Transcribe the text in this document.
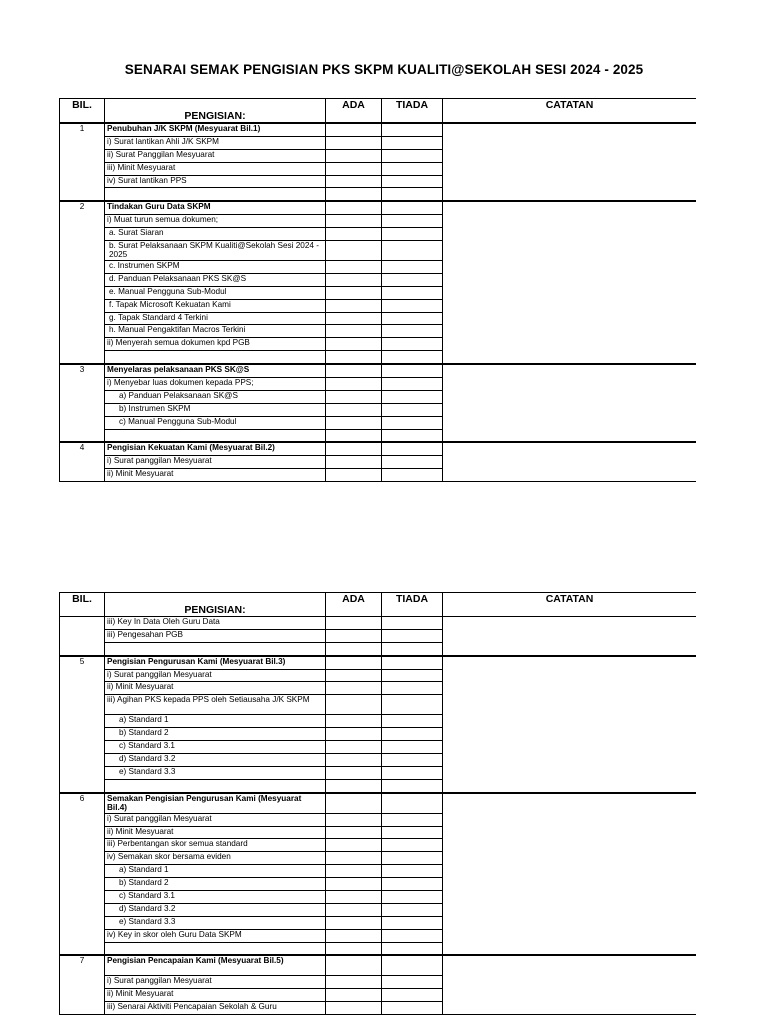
SENARAI SEMAK PENGISIAN PKS SKPM KUALITI@SEKOLAH SESI 2024 - 2025
BIL.	PENGISIAN:	ADA	TIADA	CATATAN
1	Penubuhan J/K SKPM (Mesyuarat Bil.1)			
	i) Surat lantikan Ahli J/K SKPM			
	ii) Surat Panggilan Mesyuarat			
	iii) Minit Mesyuarat			
	iv) Surat lantikan PPS			

2	Tindakan Guru Data SKPM			
	i) Muat turun semua dokumen;			
	a. Surat Siaran			
	b. Surat Pelaksanaan SKPM Kualiti@Sekolah Sesi 2024 - 2025			
	c. Instrumen SKPM			
	d. Panduan Pelaksanaan PKS SK@S			
	e. Manual Pengguna Sub-Modul			
	f. Tapak Microsoft Kekuatan Kami			
	g. Tapak Standard 4 Terkini			
	h. Manual Pengaktifan Macros Terkini			
	ii) Menyerah semua dokumen kpd PGB			

3	Menyelaras pelaksanaan PKS SK@S			
	i) Menyebar luas dokumen kepada PPS;			
	a) Panduan Pelaksanaan SK@S			
	b) Instrumen SKPM			
	c) Manual Pengguna Sub-Modul			

4	Pengisian Kekuatan Kami (Mesyuarat Bil.2)			
	i) Surat panggilan Mesyuarat			
	ii) Minit Mesyuarat			
BIL.	PENGISIAN:	ADA	TIADA	CATATAN
	iii) Key In Data Oleh Guru Data			
	iii) Pengesahan PGB			

5	Pengisian Pengurusan Kami (Mesyuarat Bil.3)			
	i) Surat panggilan Mesyuarat			
	ii) Minit Mesyuarat			
	iii) Agihan PKS kepada PPS oleh Setiausaha J/K SKPM			
	a) Standard 1			
	b) Standard 2			
	c) Standard 3.1			
	d) Standard 3.2			
	e) Standard 3.3			

6	Semakan Pengisian Pengurusan Kami (Mesyuarat Bil.4)			
	i) Surat panggilan Mesyuarat			
	ii) Minit Mesyuarat			
	iii) Perbentangan skor semua standard			
	iv) Semakan skor bersama eviden			
	a) Standard 1			
	b) Standard 2			
	c) Standard 3.1			
	d) Standard 3.2			
	e) Standard 3.3			
	iv) Key in skor oleh Guru Data SKPM			

7	Pengisian Pencapaian Kami (Mesyuarat Bil.5)			
	i) Surat panggilan Mesyuarat			
	ii) Minit Mesyuarat			
	iii) Senarai Aktiviti Pencapaian Sekolah & Guru			
